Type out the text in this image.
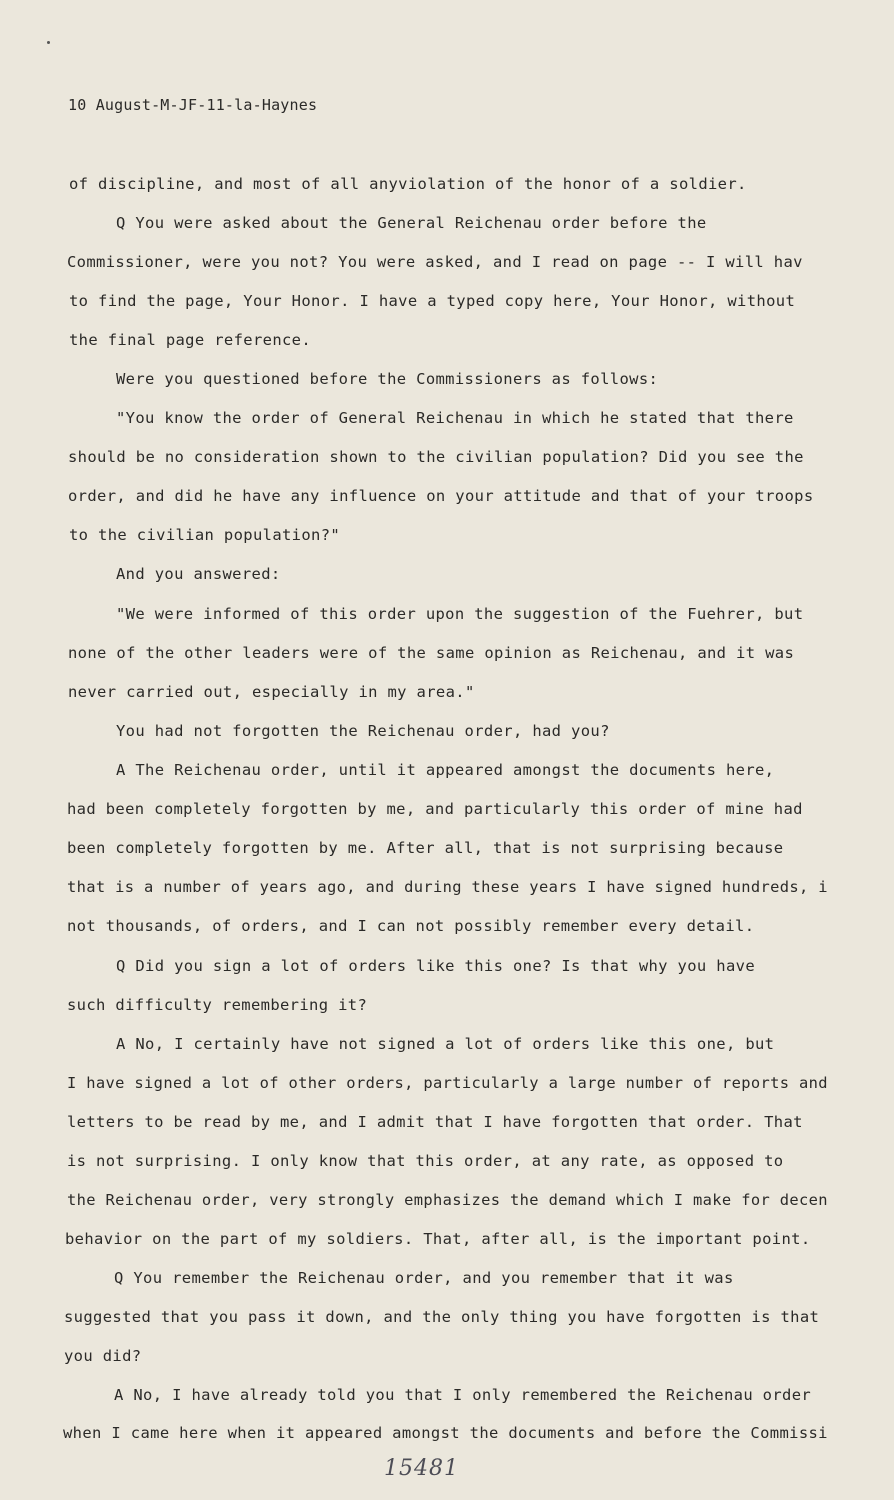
10 August-M-JF-11-la-Haynes
of discipline, and most of all anyviolation of the honor of a soldier.
Q You were asked about the General Reichenau order before the
Commissioner, were you not? You were asked, and I read on page -- I will hav
to find the page, Your Honor. I have a typed copy here, Your Honor, without
the final page reference.
Were you questioned before the Commissioners as follows:
"You know the order of General Reichenau in which he stated that there
should be no consideration shown to the civilian population? Did you see the
order, and did he have any influence on your attitude and that of your troops
to the civilian population?"
And you answered:
"We were informed of this order upon the suggestion of the Fuehrer, but
none of the other leaders were of the same opinion as Reichenau, and it was
never carried out, especially in my area."
You had not forgotten the Reichenau order, had you?
A The Reichenau order, until it appeared amongst the documents here,
had been completely forgotten by me, and particularly this order of mine had
been completely forgotten by me. After all, that is not surprising because
that is a number of years ago, and during these years I have signed hundreds, i
not thousands, of orders, and I can not possibly remember every detail.
Q Did you sign a lot of orders like this one? Is that why you have
such difficulty remembering it?
A No, I certainly have not signed a lot of orders like this one, but
I have signed a lot of other orders, particularly a large number of reports and
letters to be read by me, and I admit that I have forgotten that order. That
is not surprising. I only know that this order, at any rate, as opposed to
the Reichenau order, very strongly emphasizes the demand which I make for decen
behavior on the part of my soldiers. That, after all, is the important point.
Q You remember the Reichenau order, and you remember that it was
suggested that you pass it down, and the only thing you have forgotten is that
you did?
A No, I have already told you that I only remembered the Reichenau order
when I came here when it appeared amongst the documents and before the Commissi
15481
